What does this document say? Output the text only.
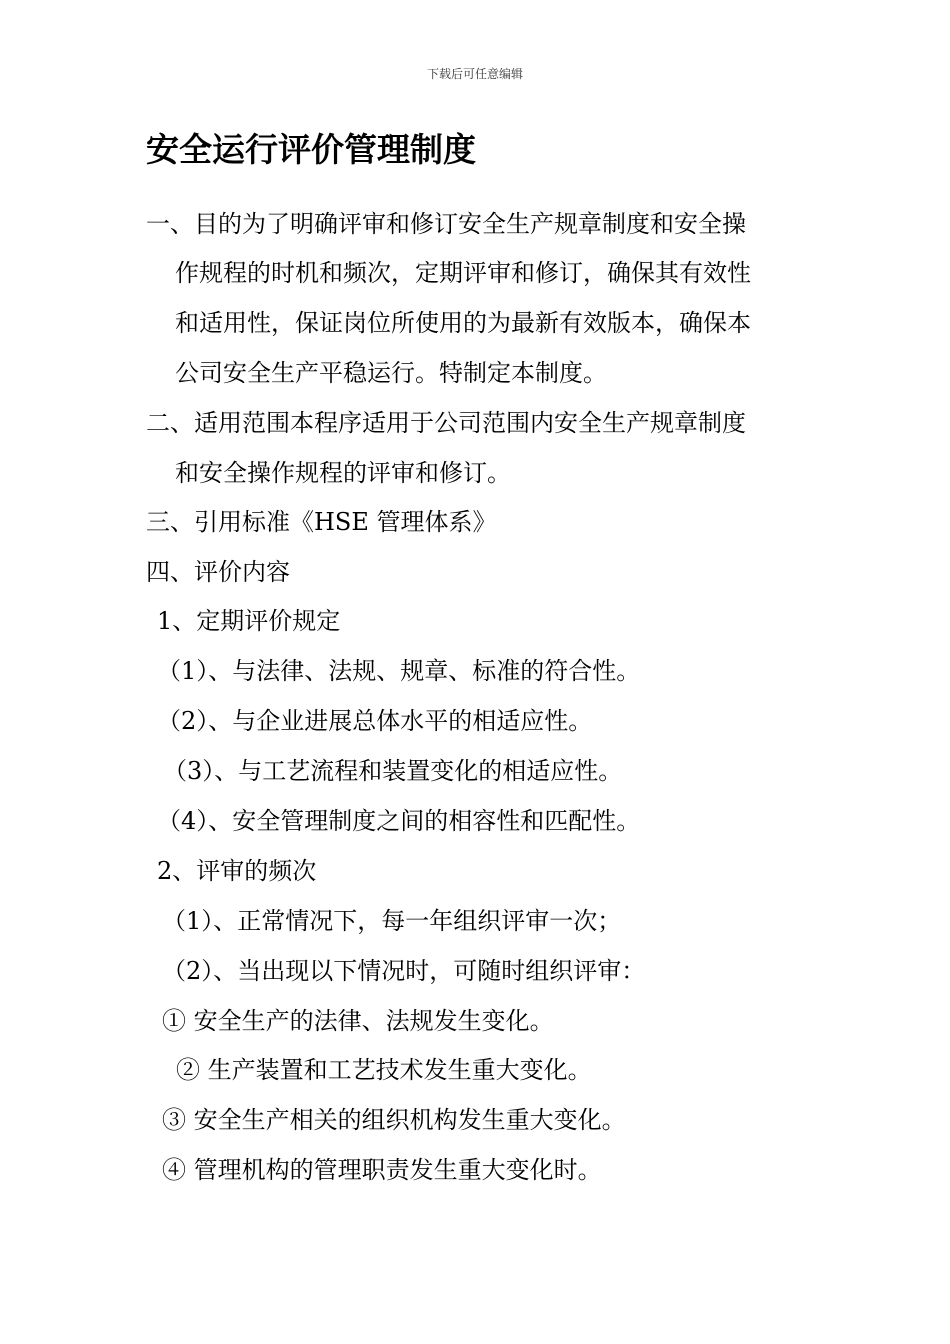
下载后可任意编辑
安全运行评价管理制度
一、目的为了明确评审和修订安全生产规章制度和安全操
作规程的时机和频次，定期评审和修订，确保其有效性
和适用性，保证岗位所使用的为最新有效版本，确保本
公司安全生产平稳运行。特制定本制度。
二、适用范围本程序适用于公司范围内安全生产规章制度
和安全操作规程的评审和修订。
三、引用标准《HSE 管理体系》
四、评价内容
1、定期评价规定
（1）、与法律、法规、规章、标准的符合性。
（2）、与企业进展总体水平的相适应性。
（3）、与工艺流程和装置变化的相适应性。
（4）、安全管理制度之间的相容性和匹配性。
2、评审的频次
（1）、正常情况下，每一年组织评审一次；
（2）、当出现以下情况时，可随时组织评审：
① 安全生产的法律、法规发生变化。
② 生产装置和工艺技术发生重大变化。
③ 安全生产相关的组织机构发生重大变化。
④ 管理机构的管理职责发生重大变化时。
